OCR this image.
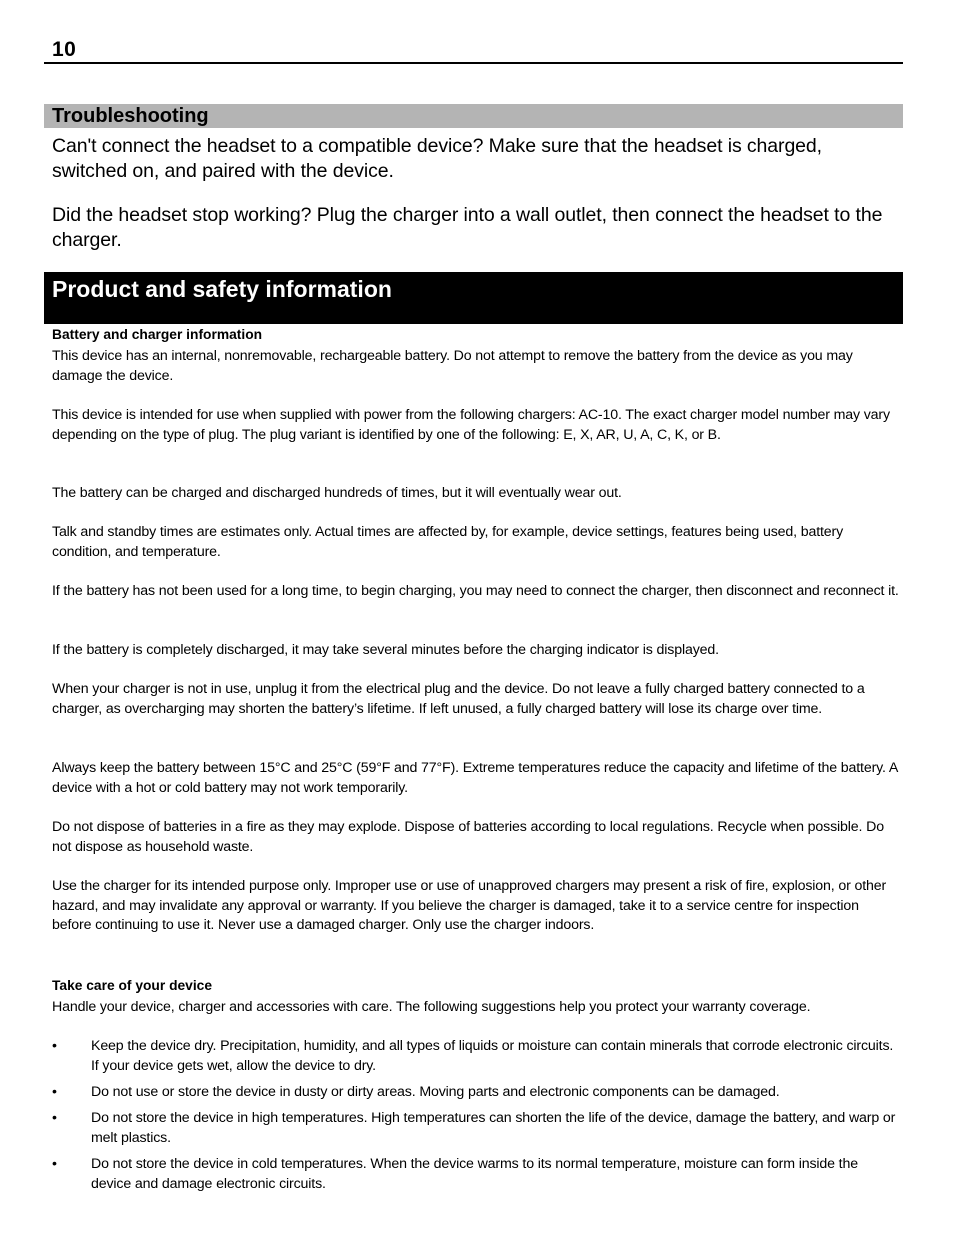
10
Troubleshooting

Can't connect the headset to a compatible device? Make sure that the headset is charged, switched on, and paired with the device.

Did the headset stop working? Plug the charger into a wall outlet, then connect the headset to the charger.

Product and safety information
Battery and charger information

This device has an internal, nonremovable, rechargeable battery. Do not attempt to remove the battery from the device as you may damage the device.

This device is intended for use when supplied with power from the following chargers: AC-10. The exact charger model number may vary depending on the type of plug. The plug variant is identified by one of the following: E, X, AR, U, A, C, K, or B.

The battery can be charged and discharged hundreds of times, but it will eventually wear out.

Talk and standby times are estimates only. Actual times are affected by, for example, device settings, features being used, battery condition, and temperature.

If the battery has not been used for a long time, to begin charging, you may need to connect the charger, then disconnect and reconnect it.

If the battery is completely discharged, it may take several minutes before the charging indicator is displayed.

When your charger is not in use, unplug it from the electrical plug and the device. Do not leave a fully charged battery connected to a charger, as overcharging may shorten the battery’s lifetime. If left unused, a fully charged battery will lose its charge over time.

Always keep the battery between 15°C and 25°C (59°F and 77°F). Extreme temperatures reduce the capacity and lifetime of the battery. A device with a hot or cold battery may not work temporarily.

Do not dispose of batteries in a fire as they may explode. Dispose of batteries according to local regulations. Recycle when possible. Do not dispose as household waste.

Use the charger for its intended purpose only. Improper use or use of unapproved chargers may present a risk of fire, explosion, or other hazard, and may invalidate any approval or warranty. If you believe the charger is damaged, take it to a service centre for inspection before continuing to use it. Never use a damaged charger. Only use the charger indoors.

Take care of your device

Handle your device, charger and accessories with care. The following suggestions help you protect your warranty coverage.

• Keep the device dry. Precipitation, humidity, and all types of liquids or moisture can contain minerals that corrode electronic circuits. If your device gets wet, allow the device to dry.

• Do not use or store the device in dusty or dirty areas. Moving parts and electronic components can be damaged.

• Do not store the device in high temperatures. High temperatures can shorten the life of the device, damage the battery, and warp or melt plastics.

• Do not store the device in cold temperatures. When the device warms to its normal temperature, moisture can form inside the device and damage electronic circuits.
